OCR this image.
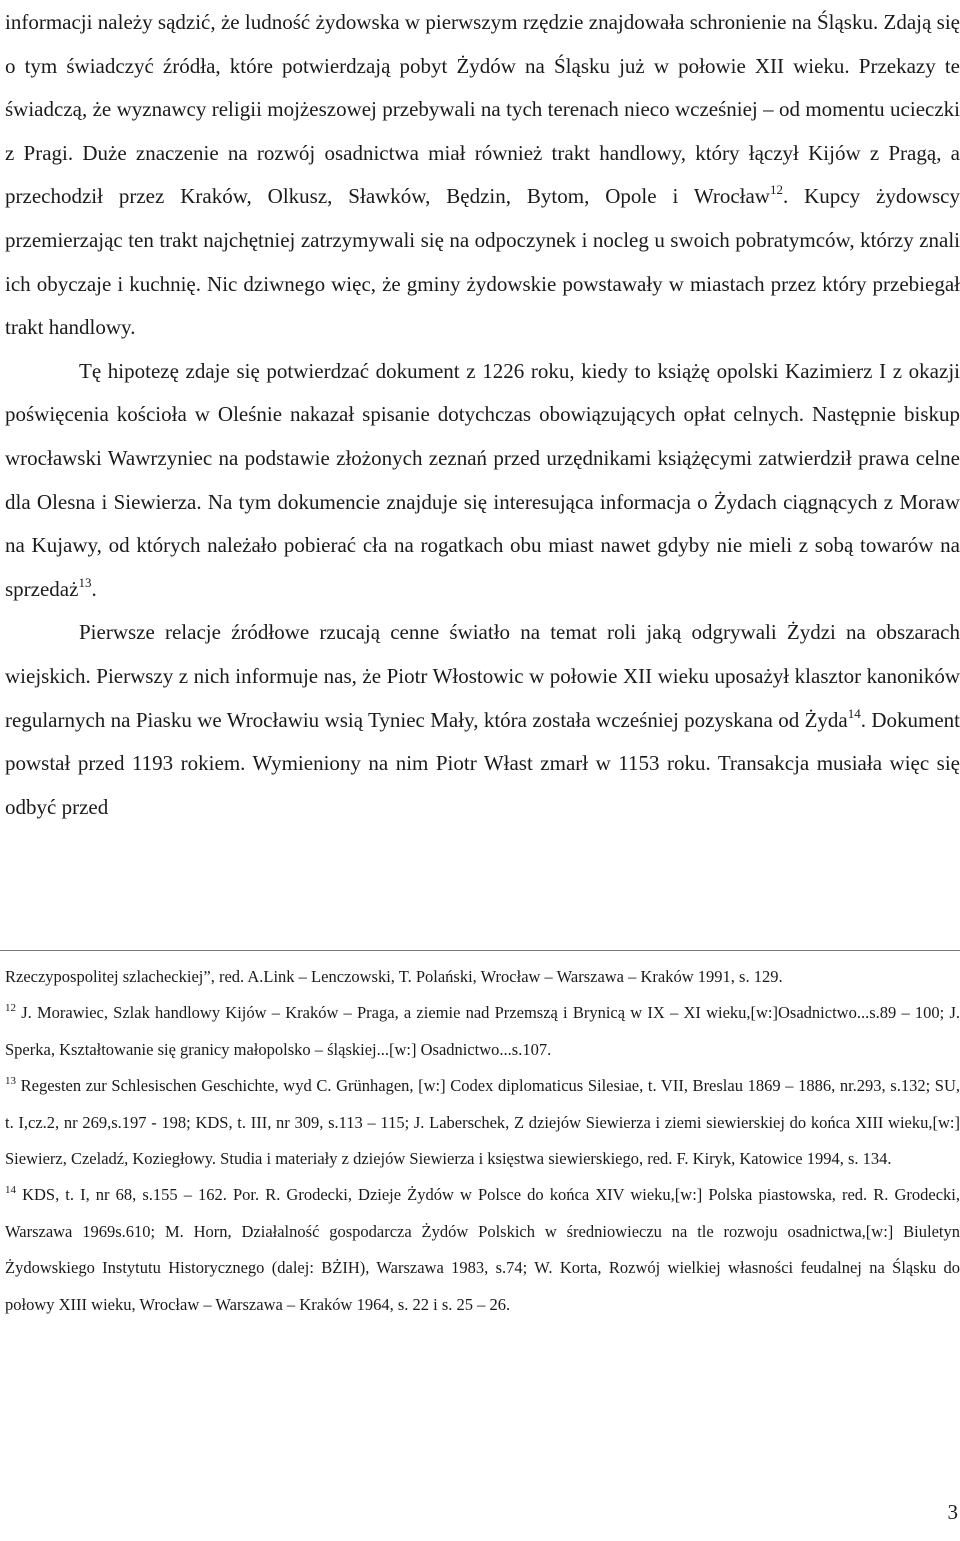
informacji należy sądzić, że ludność żydowska w pierwszym rzędzie znajdowała schronienie na Śląsku. Zdają się o tym świadczyć źródła, które potwierdzają pobyt Żydów na Śląsku już w połowie XII wieku. Przekazy te świadczą, że wyznawcy religii mojżeszowej przebywali na tych terenach nieco wcześniej – od momentu ucieczki z Pragi. Duże znaczenie na rozwój osadnictwa miał również trakt handlowy, który łączył Kijów z Pragą, a przechodził przez Kraków, Olkusz, Sławków, Będzin, Bytom, Opole i Wrocław$^{12}$. Kupcy żydowscy przemierzając ten trakt najchętniej zatrzymywali się na odpoczynek i nocleg u swoich pobratymców, którzy znali ich obyczaje i kuchnię. Nic dziwnego więc, że gminy żydowskie powstawały w miastach przez który przebiegał trakt handlowy.

Tę hipotezę zdaje się potwierdzać dokument z 1226 roku, kiedy to książę opolski Kazimierz I z okazji poświęcenia kościoła w Oleśnie nakazał spisanie dotychczas obowiązujących opłat celnych. Następnie biskup wrocławski Wawrzyniec na podstawie złożonych zeznań przed urzędnikami książęcymi zatwierdził prawa celne dla Olesna i Siewierza. Na tym dokumencie znajduje się interesująca informacja o Żydach ciągnących z Moraw na Kujawy, od których należało pobierać cła na rogatkach obu miast nawet gdyby nie mieli z sobą towarów na sprzedaż$^{13}$.

Pierwsze relacje źródłowe rzucają cenne światło na temat roli jaką odgrywali Żydzi na obszarach wiejskich. Pierwszy z nich informuje nas, że Piotr Włostowic w połowie XII wieku uposażył klasztor kanoników regularnych na Piasku we Wrocławiu wsią Tyniec Mały, która została wcześniej pozyskana od Żyda$^{14}$. Dokument powstał przed 1193 rokiem. Wymieniony na nim Piotr Włast zmarł w 1153 roku. Transakcja musiała więc się odbyć przed

Rzeczypospolitej szlacheckiej”, red. A.Link – Lenczowski, T. Polański, Wrocław – Warszawa – Kraków 1991, s. 129.

$^{12}$ J. Morawiec, Szlak handlowy Kijów – Kraków – Praga, a ziemie nad Przemszą i Brynicą w IX – XI wieku,[w:]Osadnictwo...s.89 – 100; J. Sperka, Kształtowanie się granicy małopolsko – śląskiej...[w:] Osadnictwo...s.107.

$^{13}$ Regesten zur Schlesischen Geschichte, wyd C. Grünhagen, [w:] Codex diplomaticus Silesiae, t. VII, Breslau 1869 – 1886, nr.293, s.132; SU, t. I,cz.2, nr 269,s.197 - 198; KDS, t. III, nr 309, s.113 – 115; J. Laberschek, Z dziejów Siewierza i ziemi siewierskiej do końca XIII wieku,[w:] Siewierz, Czeladź, Koziegłowy. Studia i materiały z dziejów Siewierza i księstwa siewierskiego, red. F. Kiryk, Katowice 1994, s. 134.

$^{14}$ KDS, t. I, nr 68, s.155 – 162. Por. R. Grodecki, Dzieje Żydów w Polsce do końca XIV wieku,[w:] Polska piastowska, red. R. Grodecki, Warszawa 1969s.610; M. Horn, Działalność gospodarcza Żydów Polskich w średniowieczu na tle rozwoju osadnictwa,[w:] Biuletyn Żydowskiego Instytutu Historycznego (dalej: BŻIH), Warszawa 1983, s.74; W. Korta, Rozwój wielkiej własności feudalnej na Śląsku do połowy XIII wieku, Wrocław – Warszawa – Kraków 1964, s. 22 i s. 25 – 26.

3
